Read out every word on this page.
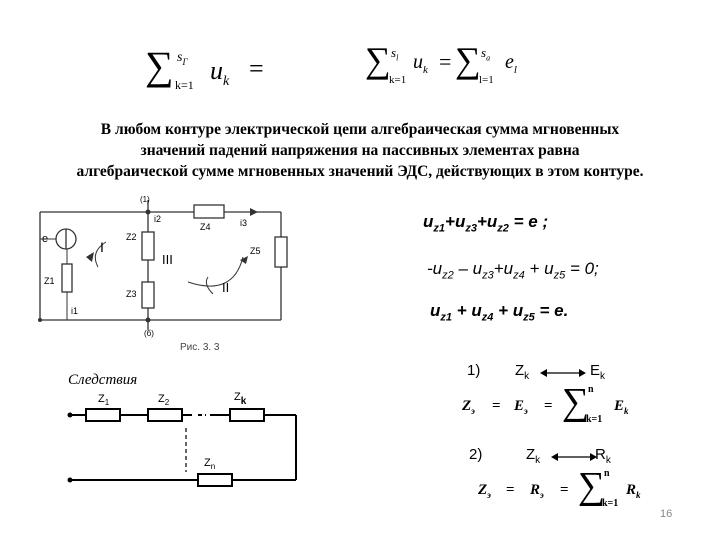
∑ $s_Г$
k=1 $u_k$ =	∑ $s_l$
k=1
$u_k$ = ∑ $s_a$
l=1
$e_l$
В любом контуре электрической цепи алгебраическая сумма мгновенных
значений падений напряжения на пассивных элементах равна
алгебраической сумме мгновенных значений ЭДС, действующих в этом контуре.
e
Z1
i1
Z2
i2
Z3
Z4	i3
Z5
(1)
(б)
I
III
II
Рис. 3. 3
$u_{z1}+u_{z3}+u_{z2} = e$ ;
$-u_{z2} - u_{z3}+u_{z4} + u_{z5} = 0$;
$u_{z1} + u_{z4} + u_{z5} = e$.
Следствия
$Z_1$	$Z_2$	Zk
$Z_n$
1) $Z_k$	$E_k$
$Z_э = E_э$ = ∑
n
k=1
$E_k$
2)	$Z_k$	$R_k$
$Z_э = R_э$ = ∑
n
k=1
$R_k$
16
